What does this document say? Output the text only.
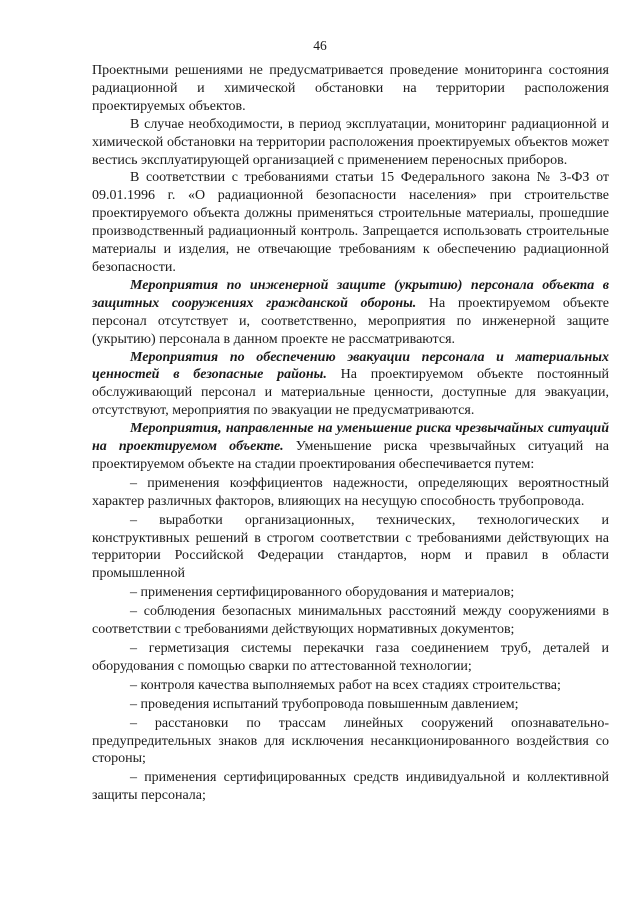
46

Проектными решениями не предусматривается проведение мониторинга состояния радиационной и химической обстановки на территории расположения проектируемых объектов.

В случае необходимости, в период эксплуатации, мониторинг радиационной и химической обстановки на территории расположения проектируемых объектов может вестись эксплуатирующей организацией с применением переносных приборов.

В соответствии с требованиями статьи 15 Федерального закона № 3-ФЗ от 09.01.1996 г. «О радиационной безопасности населения» при строительстве проектируемого объекта должны применяться строительные материалы, прошедшие производственный радиационный контроль. Запрещается использовать строительные материалы и изделия, не отвечающие требованиям к обеспечению радиационной безопасности.

Мероприятия по инженерной защите (укрытию) персонала объекта в защитных сооружениях гражданской обороны. На проектируемом объекте персонал отсутствует и, соответственно, мероприятия по инженерной защите (укрытию) персонала в данном проекте не рассматриваются.

Мероприятия по обеспечению эвакуации персонала и материальных ценностей в безопасные районы. На проектируемом объекте постоянный обслуживающий персонал и материальные ценности, доступные для эвакуации, отсутствуют, мероприятия по эвакуации не предусматриваются.

Мероприятия, направленные на уменьшение риска чрезвычайных ситуаций на проектируемом объекте. Уменьшение риска чрезвычайных ситуаций на проектируемом объекте на стадии проектирования обеспечивается путем:

– применения коэффициентов надежности, определяющих вероятностный характер различных факторов, влияющих на несущую способность трубопровода.

– выработки организационных, технических, технологических и конструктивных решений в строгом соответствии с требованиями действующих на территории Российской Федерации стандартов, норм и правил в области промышленной

– применения сертифицированного оборудования и материалов;

– соблюдения безопасных минимальных расстояний между сооружениями в соответствии с требованиями действующих нормативных документов;

– герметизация системы перекачки газа соединением труб, деталей и оборудования с помощью сварки по аттестованной технологии;

– контроля качества выполняемых работ на всех стадиях строительства;

– проведения испытаний трубопровода повышенным давлением;

– расстановки по трассам линейных сооружений опознавательно-предупредительных знаков для исключения несанкционированного воздействия со стороны;

– применения сертифицированных средств индивидуальной и коллективной защиты персонала;
